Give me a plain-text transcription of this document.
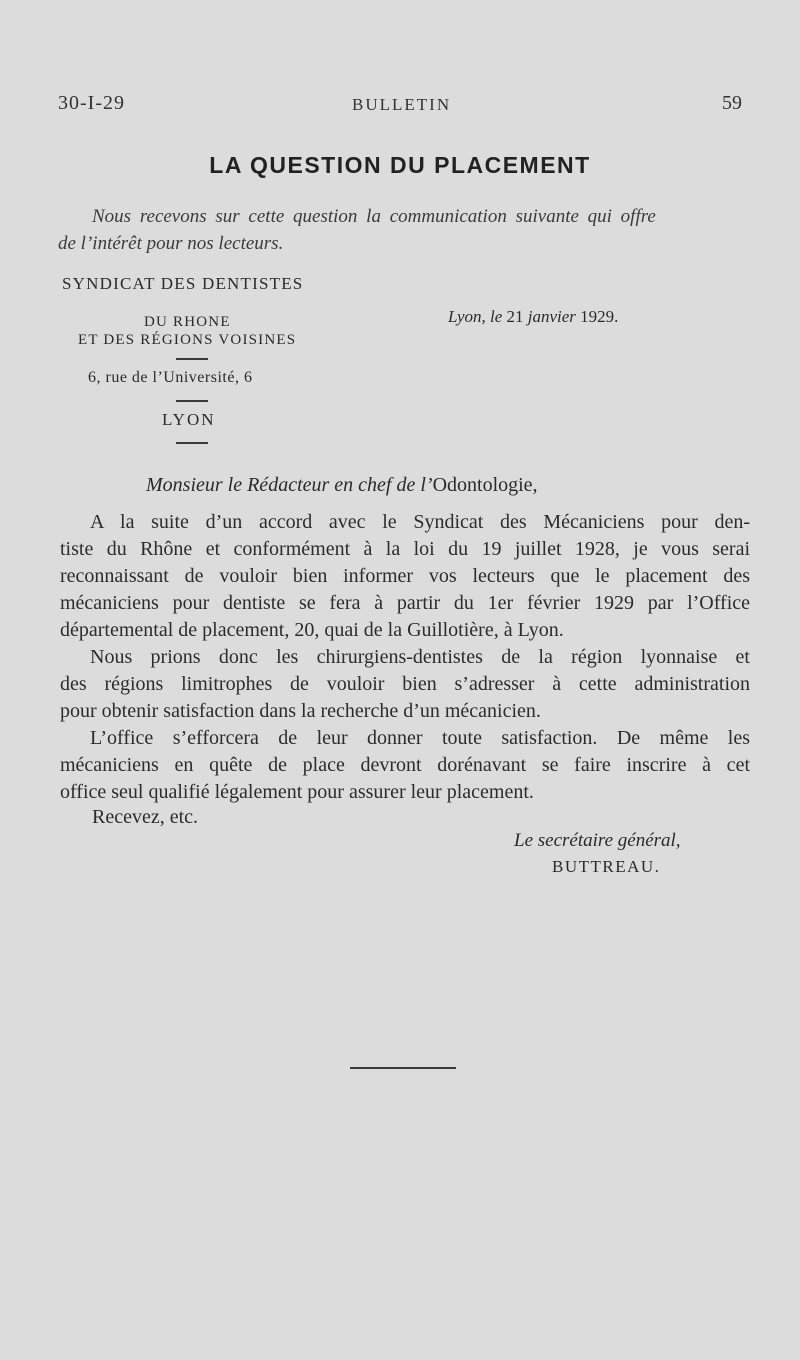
30-I-29	BULLETIN	59
LA QUESTION DU PLACEMENT
Nous recevons sur cette question la communication suivante qui offre
de l’intérêt pour nos lecteurs.
SYNDICAT DES DENTISTES
DU RHONE
ET DES RÉGIONS VOISINES
Lyon, le 21 janvier 1929.
6, rue de l’Université, 6
LYON
Monsieur le Rédacteur en chef de l’Odontologie,
A la suite d’un accord avec le Syndicat des Mécaniciens pour den-
tiste du Rhône et conformément à la loi du 19 juillet 1928, je vous serai
reconnaissant de vouloir bien informer vos lecteurs que le placement des
mécaniciens pour dentiste se fera à partir du 1er février 1929 par l’Office
départemental de placement, 20, quai de la Guillotière, à Lyon.
Nous prions donc les chirurgiens-dentistes de la région lyonnaise et
des régions limitrophes de vouloir bien s’adresser à cette administration
pour obtenir satisfaction dans la recherche d’un mécanicien.
L’office s’efforcera de leur donner toute satisfaction. De même les
mécaniciens en quête de place devront dorénavant se faire inscrire à cet
office seul qualifié légalement pour assurer leur placement.
Recevez, etc.
Le secrétaire général,
BUTTREAU.
